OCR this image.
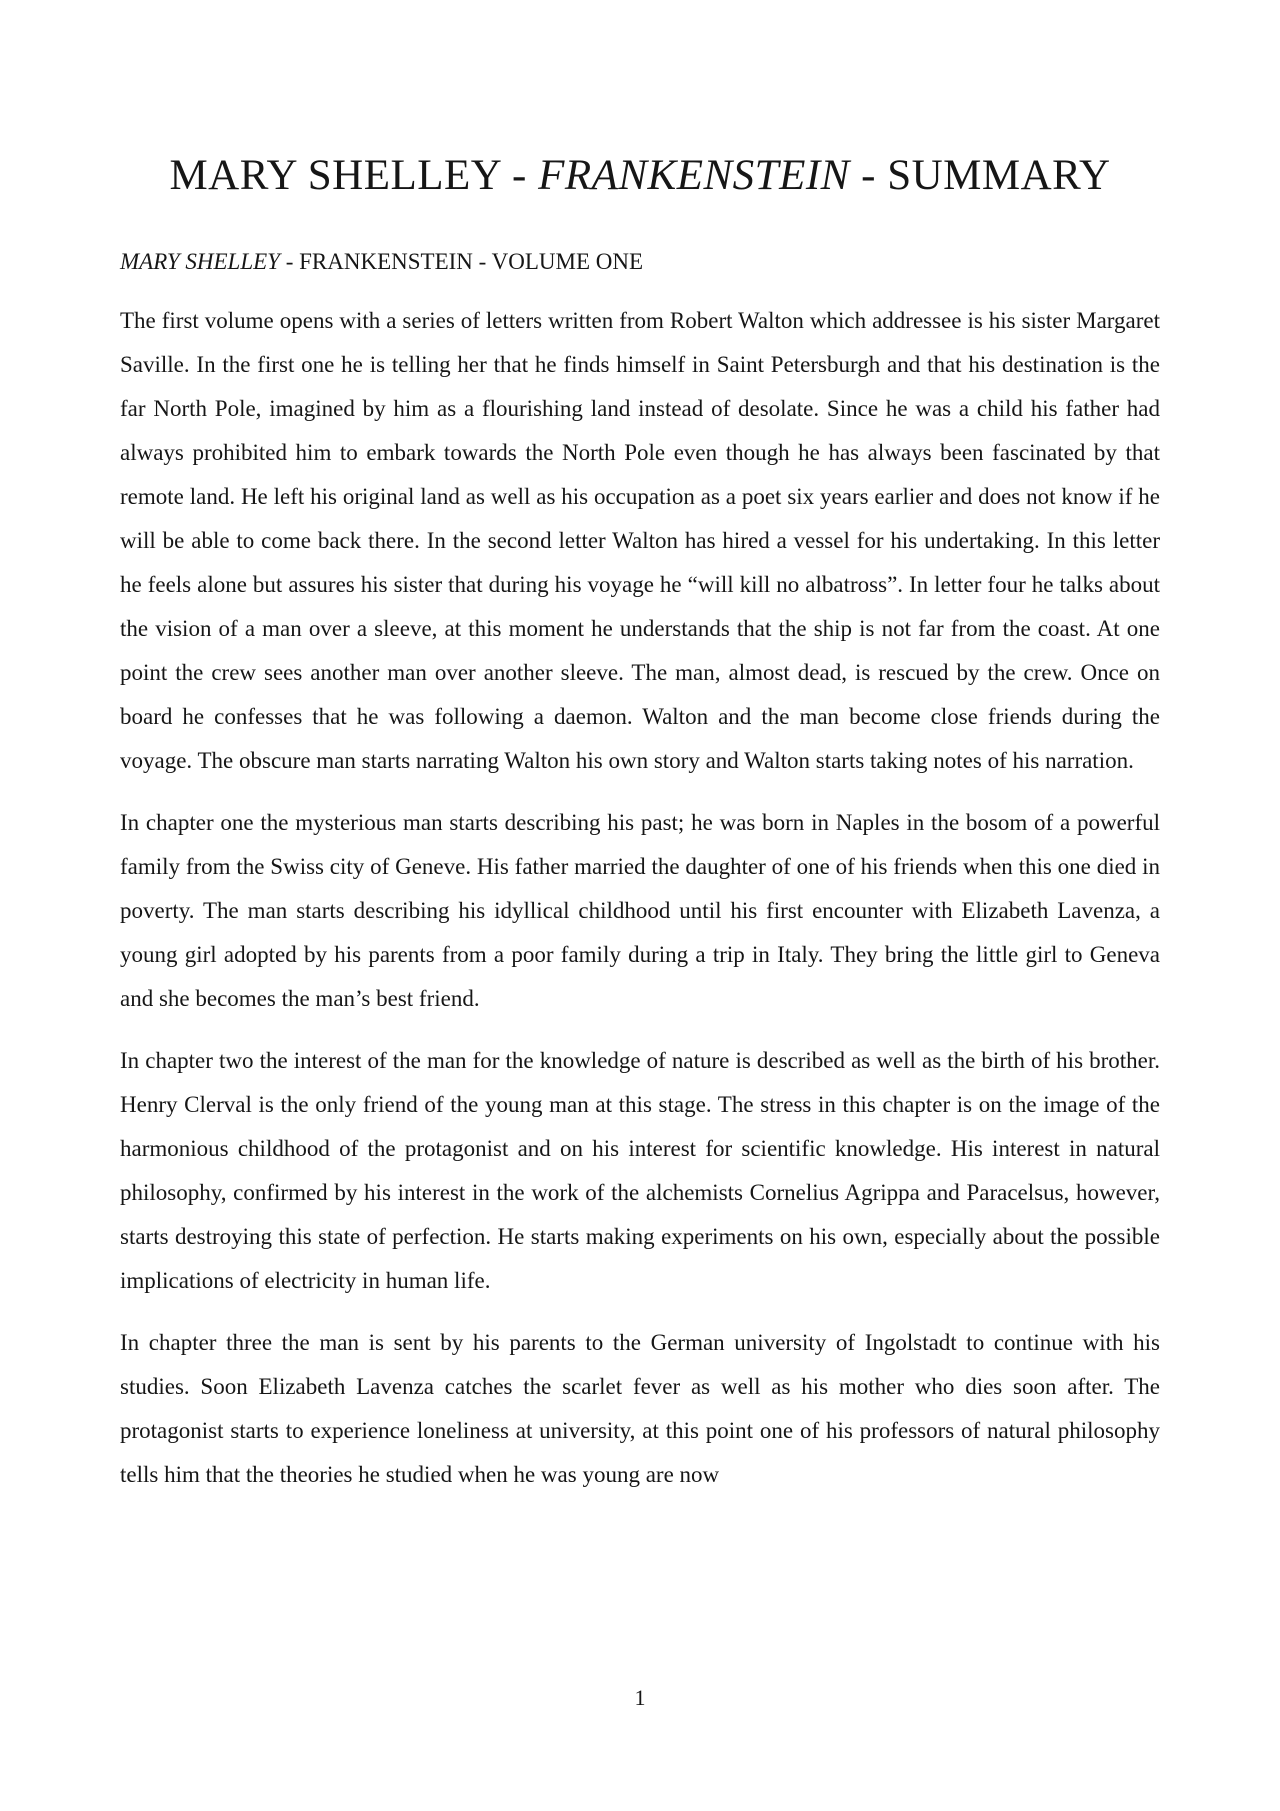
MARY SHELLEY - FRANKENSTEIN - SUMMARY
MARY SHELLEY - FRANKENSTEIN - VOLUME ONE

The first volume opens with a series of letters written from Robert Walton which addressee is his sister Margaret Saville. In the first one he is telling her that he finds himself in Saint Petersburgh and that his destination is the far North Pole, imagined by him as a flourishing land instead of desolate. Since he was a child his father had always prohibited him to embark towards the North Pole even though he has always been fascinated by that remote land. He left his original land as well as his occupation as a poet six years earlier and does not know if he will be able to come back there. In the second letter Walton has hired a vessel for his undertaking. In this letter he feels alone but assures his sister that during his voyage he “will kill no albatross”. In letter four he talks about the vision of a man over a sleeve, at this moment he understands that the ship is not far from the coast. At one point the crew sees another man over another sleeve. The man, almost dead, is rescued by the crew. Once on board he confesses that he was following a daemon. Walton and the man become close friends during the voyage. The obscure man starts narrating Walton his own story and Walton starts taking notes of his narration.

In chapter one the mysterious man starts describing his past; he was born in Naples in the bosom of a powerful family from the Swiss city of Geneve. His father married the daughter of one of his friends when this one died in poverty. The man starts describing his idyllical childhood until his first encounter with Elizabeth Lavenza, a young girl adopted by his parents from a poor family during a trip in Italy. They bring the little girl to Geneva and she becomes the man’s best friend.

In chapter two the interest of the man for the knowledge of nature is described as well as the birth of his brother. Henry Clerval is the only friend of the young man at this stage. The stress in this chapter is on the image of the harmonious childhood of the protagonist and on his interest for scientific knowledge. His interest in natural philosophy, confirmed by his interest in the work of the alchemists Cornelius Agrippa and Paracelsus, however, starts destroying this state of perfection. He starts making experiments on his own, especially about the possible implications of electricity in human life.

In chapter three the man is sent by his parents to the German university of Ingolstadt to continue with his studies. Soon Elizabeth Lavenza catches the scarlet fever as well as his mother who dies soon after. The protagonist starts to experience loneliness at university, at this point one of his professors of natural philosophy tells him that the theories he studied when he was young are now

1
